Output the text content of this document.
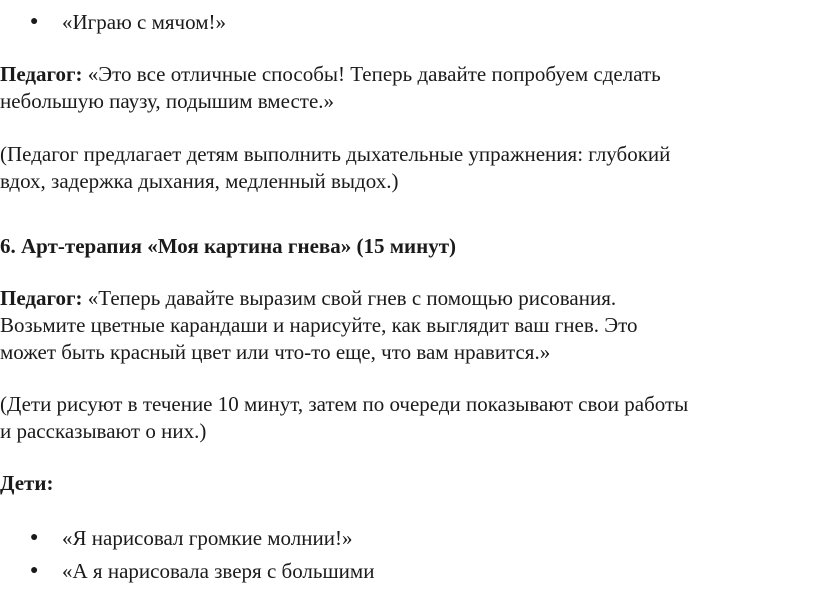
● «Играю с мячом!»
Педагог: «Это все отличные способы! Теперь давайте попробуем сделать
небольшую паузу, подышим вместе.»
(Педагог предлагает детям выполнить дыхательные упражнения: глубокий
вдох, задержка дыхания, медленный выдох.)
6. Арт-терапия «Моя картина гнева» (15 минут)
Педагог: «Теперь давайте выразим свой гнев с помощью рисования.
Возьмите цветные карандаши и нарисуйте, как выглядит ваш гнев. Это
может быть красный цвет или что-то еще, что вам нравится.»
(Дети рисуют в течение 10 минут, затем по очереди показывают свои работы
и рассказывают о них.)
Дети:
● «Я нарисовал громкие молнии!»
● «А я нарисовала зверя с большими
